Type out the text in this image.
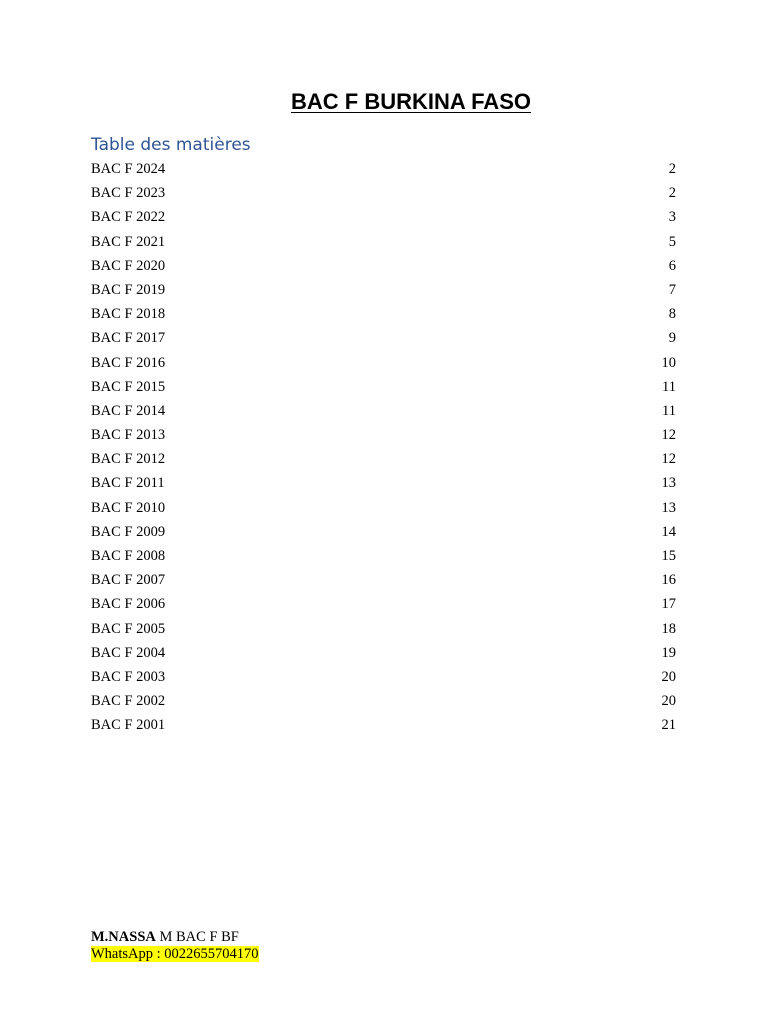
BAC F BURKINA FASO
Table des matières
BAC F 2024	2
BAC F 2023	2
BAC F 2022	3
BAC F 2021	5
BAC F 2020	6
BAC F 2019	7
BAC F 2018	8
BAC F 2017	9
BAC F 2016	10
BAC F 2015	11
BAC F 2014	11
BAC F 2013	12
BAC F 2012	12
BAC F 2011	13
BAC F 2010	13
BAC F 2009	14
BAC F 2008	15
BAC F 2007	16
BAC F 2006	17
BAC F 2005	18
BAC F 2004	19
BAC F 2003	20
BAC F 2002	20
BAC F 2001	21
M.NASSA M BAC F BF
WhatsApp : 0022655704170
